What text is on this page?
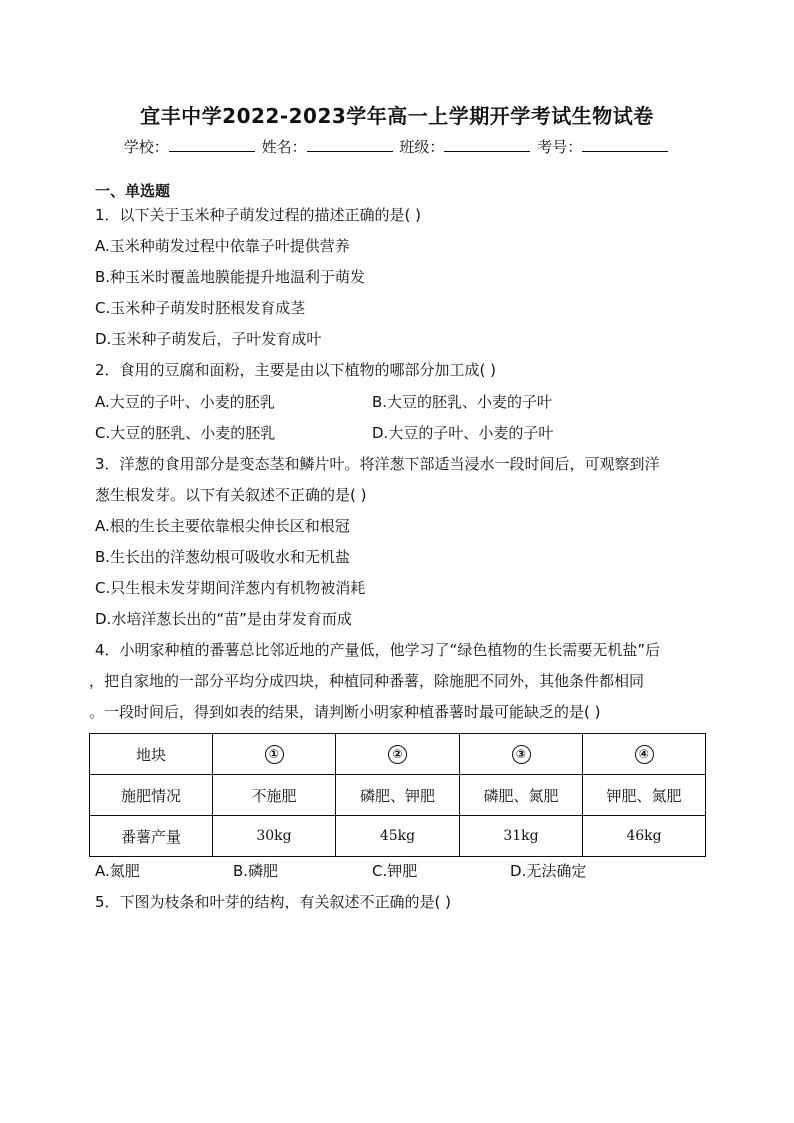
宜丰中学2022-2023学年高一上学期开学考试生物试卷
学校：	姓名：	班级：	考号：
一、单选题
1．以下关于玉米种子萌发过程的描述正确的是( )
A.玉米种萌发过程中依靠子叶提供营养
B.种玉米时覆盖地膜能提升地温利于萌发
C.玉米种子萌发时胚根发育成茎
D.玉米种子萌发后，子叶发育成叶
2．食用的豆腐和面粉，主要是由以下植物的哪部分加工成( )
A.大豆的子叶、小麦的胚乳	B.大豆的胚乳、小麦的子叶
C.大豆的胚乳、小麦的胚乳	D.大豆的子叶、小麦的子叶
3．洋葱的食用部分是变态茎和鳞片叶。将洋葱下部适当浸水一段时间后，可观察到洋
葱生根发芽。以下有关叙述不正确的是( )
A.根的生长主要依靠根尖伸长区和根冠
B.生长出的洋葱幼根可吸收水和无机盐
C.只生根未发芽期间洋葱内有机物被消耗
D.水培洋葱长出的“苗”是由芽发育而成
4．小明家种植的番薯总比邻近地的产量低，他学习了“绿色植物的生长需要无机盐”后
，把自家地的一部分平均分成四块，种植同种番薯，除施肥不同外，其他条件都相同
。一段时间后，得到如表的结果，请判断小明家种植番薯时最可能缺乏的是( )
地块	①	②	③	④
施肥情况	不施肥	磷肥、钾肥	磷肥、氮肥	钾肥、氮肥
番薯产量	30kg	45kg	31kg	46kg
A.氮肥	B.磷肥	C.钾肥	D.无法确定
5．下图为枝条和叶芽的结构，有关叙述不正确的是( )
